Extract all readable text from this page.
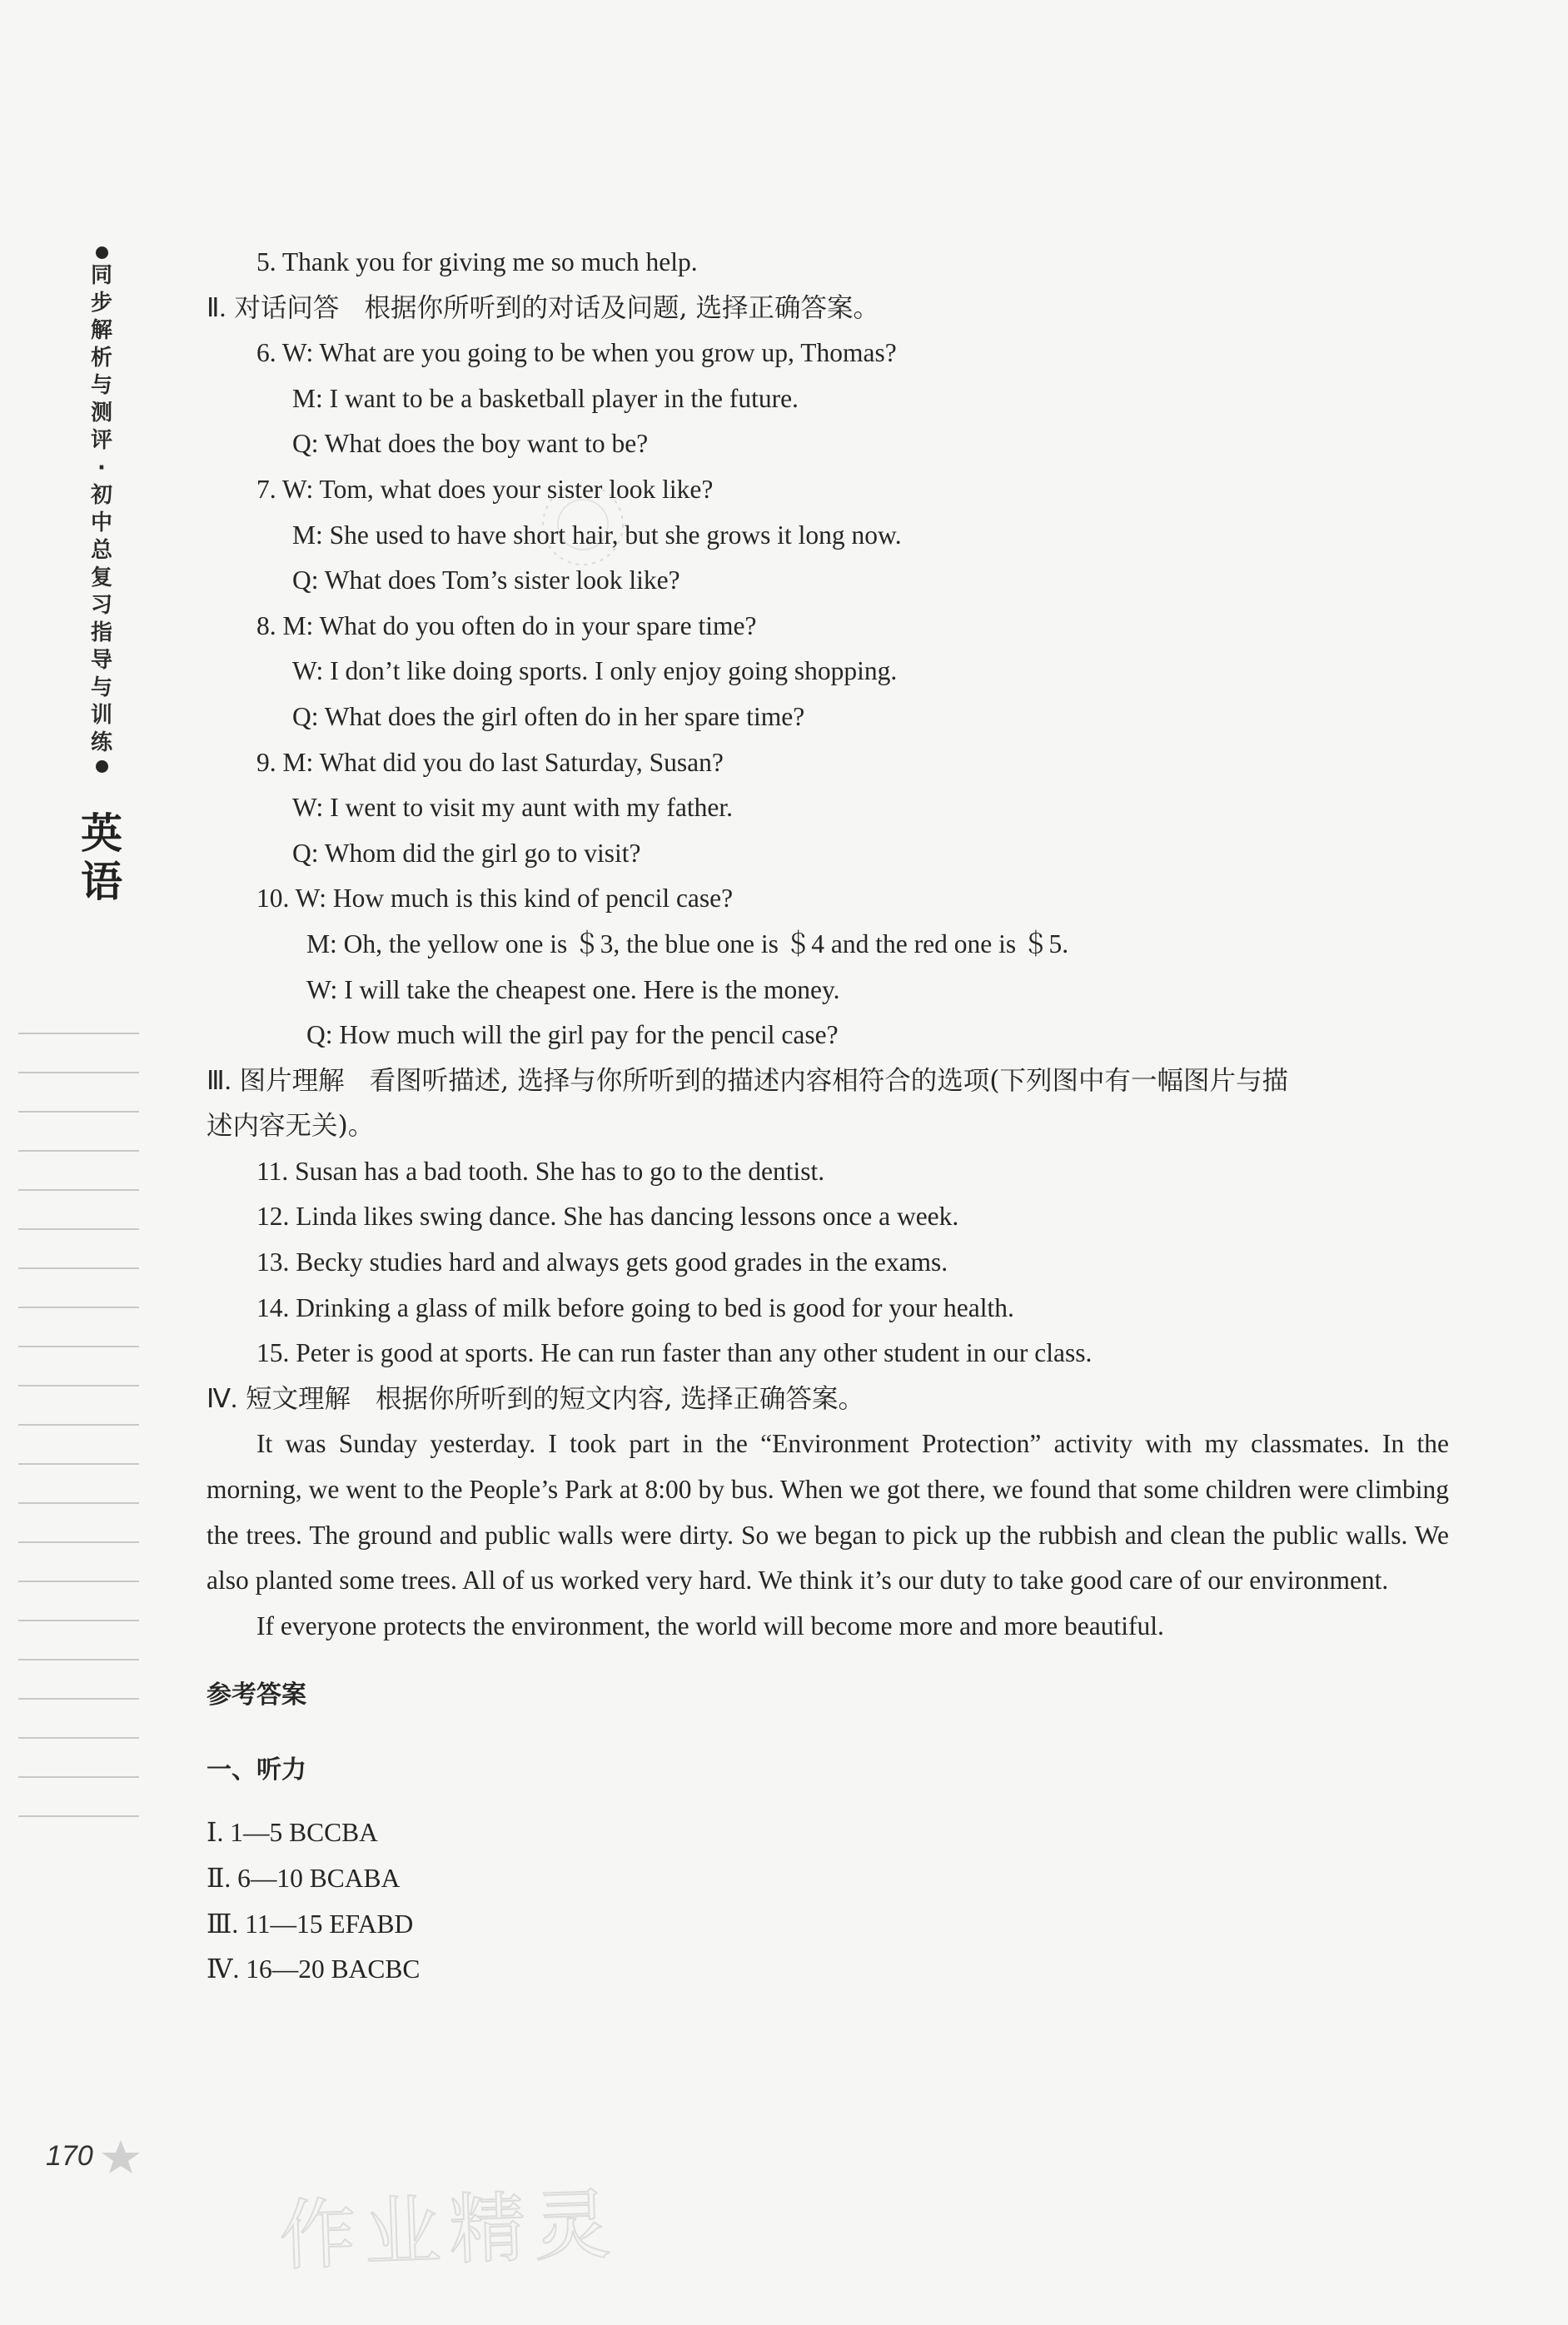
同
步
解
析
与
测
评
·
初
中
总
复
习
指
导
与
训
练
英
语
5. Thank you for giving me so much help.
Ⅱ. 对话问答 根据你所听到的对话及问题, 选择正确答案。
6. W: What are you going to be when you grow up, Thomas?
M: I want to be a basketball player in the future.
Q: What does the boy want to be?
7. W: Tom, what does your sister look like?
M: She used to have short hair, but she grows it long now.
Q: What does Tom’s sister look like?
8. M: What do you often do in your spare time?
W: I don’t like doing sports. I only enjoy going shopping.
Q: What does the girl often do in her spare time?
9. M: What did you do last Saturday, Susan?
W: I went to visit my aunt with my father.
Q: Whom did the girl go to visit?
10. W: How much is this kind of pencil case?
M: Oh, the yellow one is ＄3, the blue one is ＄4 and the red one is ＄5.
W: I will take the cheapest one. Here is the money.
Q: How much will the girl pay for the pencil case?
Ⅲ. 图片理解 看图听描述, 选择与你所听到的描述内容相符合的选项(下列图中有一幅图片与描
述内容无关)。
11. Susan has a bad tooth. She has to go to the dentist.
12. Linda likes swing dance. She has dancing lessons once a week.
13. Becky studies hard and always gets good grades in the exams.
14. Drinking a glass of milk before going to bed is good for your health.
15. Peter is good at sports. He can run faster than any other student in our class.
Ⅳ. 短文理解 根据你所听到的短文内容, 选择正确答案。
It was Sunday yesterday. I took part in the “Environment Protection” activity with my classmates. In the morning, we went to the People’s Park at 8:00 by bus. When we got there, we found that some children were climbing the trees. The ground and public walls were dirty. So we began to pick up the rubbish and clean the public walls. We also planted some trees. All of us worked very hard. We think it’s our duty to take good care of our environment.
If everyone protects the environment, the world will become more and more beautiful.
参考答案
一、听力
Ⅰ. 1—5 BCCBA
Ⅱ. 6—10 BCABA
Ⅲ. 11—15 EFABD
Ⅳ. 16—20 BACBC
170
作业精灵
